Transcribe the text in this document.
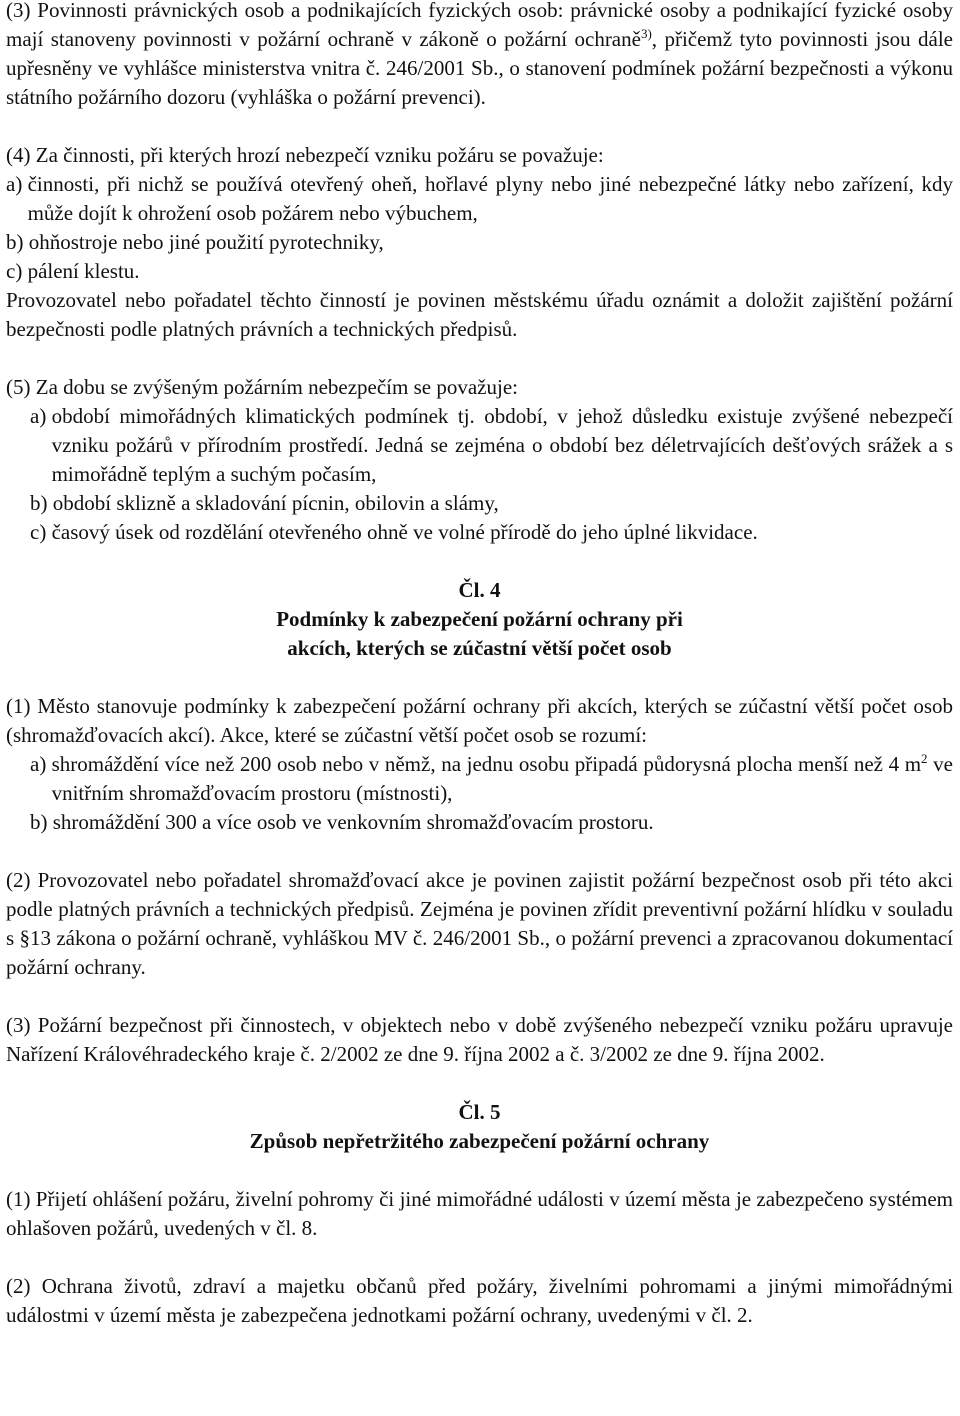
(3) Povinnosti právnických osob a podnikajících fyzických osob: právnické osoby a podnikající fyzické osoby mají stanoveny povinnosti v požární ochraně v zákoně o požární ochraně$^{3)}$, přičemž tyto povinnosti jsou dále upřesněny ve vyhlášce ministerstva vnitra č. 246/2001 Sb., o stanovení podmínek požární bezpečnosti a výkonu státního požárního dozoru (vyhláška o požární prevenci).

(4) Za činnosti, při kterých hrozí nebezpečí vzniku požáru se považuje:

a) činnosti, při nichž se používá otevřený oheň, hořlavé plyny nebo jiné nebezpečné látky nebo zařízení, kdy může dojít k ohrožení osob požárem nebo výbuchem,
b) ohňostroje nebo jiné použití pyrotechniky,
c) pálení klestu.

Provozovatel nebo pořadatel těchto činností je povinen městskému úřadu oznámit a doložit zajištění požární bezpečnosti podle platných právních a technických předpisů.

(5) Za dobu se zvýšeným požárním nebezpečím se považuje:

a) období mimořádných klimatických podmínek tj. období, v jehož důsledku existuje zvýšené nebezpečí vzniku požárů v přírodním prostředí. Jedná se zejména o období bez déletrvajících dešťových srážek a s mimořádně teplým a suchým počasím,
b) období sklizně a skladování pícnin, obilovin a slámy,
c) časový úsek od rozdělání otevřeného ohně ve volné přírodě do jeho úplné likvidace.
Čl. 4
Podmínky k zabezpečení požární ochrany při
akcích, kterých se zúčastní větší počet osob

(1) Město stanovuje podmínky k zabezpečení požární ochrany při akcích, kterých se zúčastní větší počet osob (shromažďovacích akcí). Akce, které se zúčastní větší počet osob se rozumí:

a) shromáždění více než 200 osob nebo v němž, na jednu osobu připadá půdorysná plocha menší než 4 $m^2$ ve vnitřním shromažďovacím prostoru (místnosti),
b) shromáždění 300 a více osob ve venkovním shromažďovacím prostoru.

(2) Provozovatel nebo pořadatel shromažďovací akce je povinen zajistit požární bezpečnost osob při této akci podle platných právních a technických předpisů. Zejména je povinen zřídit preventivní požární hlídku v souladu s §13 zákona o požární ochraně, vyhláškou MV č. 246/2001 Sb., o požární prevenci a zpracovanou dokumentací požární ochrany.

(3) Požární bezpečnost při činnostech, v objektech nebo v době zvýšeného nebezpečí vzniku požáru upravuje Nařízení Královéhradeckého kraje č. 2/2002 ze dne 9. října 2002 a č. 3/2002 ze dne 9. října 2002.

Čl. 5
Způsob nepřetržitého zabezpečení požární ochrany

(1) Přijetí ohlášení požáru, živelní pohromy či jiné mimořádné události v území města je zabezpečeno systémem ohlašoven požárů, uvedených v čl. 8.

(2) Ochrana životů, zdraví a majetku občanů před požáry, živelními pohromami a jinými mimořádnými událostmi v území města je zabezpečena jednotkami požární ochrany, uvedenými v čl. 2.
